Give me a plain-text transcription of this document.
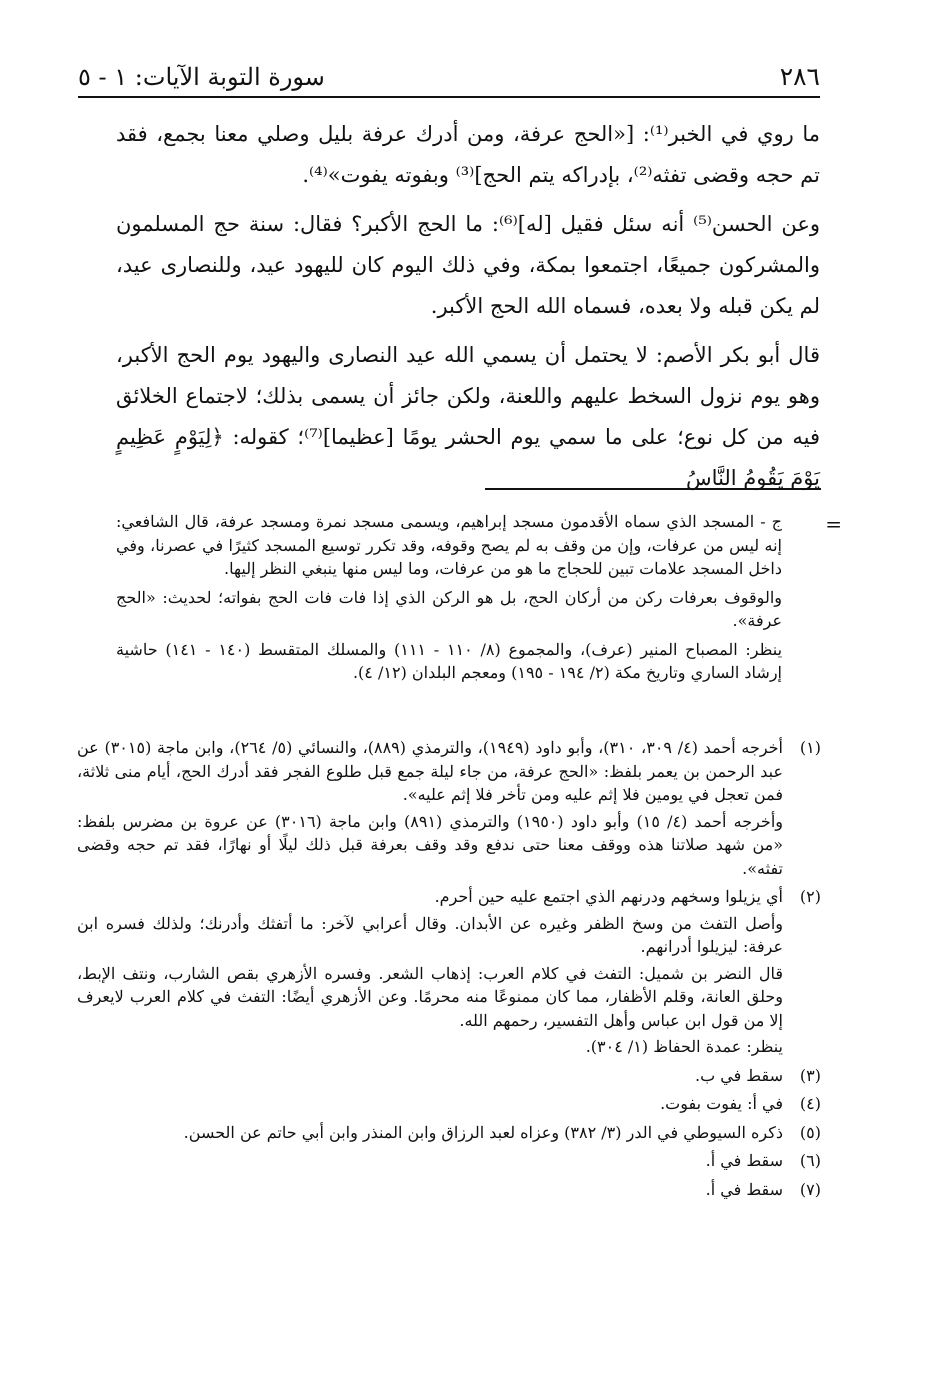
٢٨٦
سورة التوبة الآيات: ١ - ٥

ما روي في الخبر⁽¹⁾: [«الحج عرفة، ومن أدرك عرفة بليل وصلي معنا بجمع، فقد تم حجه وقضى تفثه⁽²⁾، بإدراكه يتم الحج]⁽³⁾ وبفوته يفوت»⁽⁴⁾.

وعن الحسن⁽⁵⁾ أنه سئل فقيل [له]⁽⁶⁾: ما الحج الأكبر؟ فقال: سنة حج المسلمون والمشركون جميعًا، اجتمعوا بمكة، وفي ذلك اليوم كان لليهود عيد، وللنصارى عيد، لم يكن قبله ولا بعده، فسماه الله الحج الأكبر.

قال أبو بكر الأصم: لا يحتمل أن يسمي الله عيد النصارى واليهود يوم الحج الأكبر، وهو يوم نزول السخط عليهم واللعنة، ولكن جائز أن يسمى بذلك؛ لاجتماع الخلائق فيه من كل نوع؛ على ما سمي يوم الحشر يومًا [عظيما]⁽⁷⁾؛ كقوله: ﴿لِيَوْمٍ عَظِيمٍ يَوْمَ يَقُومُ النَّاسُ

=

ج - المسجد الذي سماه الأقدمون مسجد إبراهيم، ويسمى مسجد نمرة ومسجد عرفة، قال الشافعي: إنه ليس من عرفات، وإن من وقف به لم يصح وقوفه، وقد تكرر توسيع المسجد كثيرًا في عصرنا، وفي داخل المسجد علامات تبين للحجاج ما هو من عرفات، وما ليس منها ينبغي النظر إليها.

والوقوف بعرفات ركن من أركان الحج، بل هو الركن الذي إذا فات فات الحج بفواته؛ لحديث: «الحج عرفة».

ينظر: المصباح المنير (عرف)، والمجموع (٨/ ١١٠ - ١١١) والمسلك المتقسط (١٤٠ - ١٤١) حاشية إرشاد الساري وتاريخ مكة (٢/ ١٩٤ - ١٩٥) ومعجم البلدان (١٢/ ٤).

(١)

أخرجه أحمد (٤/ ٣٠٩، ٣١٠)، وأبو داود (١٩٤٩)، والترمذي (٨٨٩)، والنسائي (٥/ ٢٦٤)، وابن ماجة (٣٠١٥) عن عبد الرحمن بن يعمر بلفظ: «الحج عرفة، من جاء ليلة جمع قبل طلوع الفجر فقد أدرك الحج، أيام منى ثلاثة، فمن تعجل في يومين فلا إثم عليه ومن تأخر فلا إثم عليه».

وأخرجه أحمد (٤/ ١٥) وأبو داود (١٩٥٠) والترمذي (٨٩١) وابن ماجة (٣٠١٦) عن عروة بن مضرس بلفظ: «من شهد صلاتنا هذه ووقف معنا حتى ندفع وقد وقف بعرفة قبل ذلك ليلًا أو نهارًا، فقد تم حجه وقضى تفثه».

(٢)

أي يزيلوا وسخهم ودرنهم الذي اجتمع عليه حين أحرم.

وأصل التفث من وسخ الظفر وغيره عن الأبدان. وقال أعرابي لآخر: ما أتفثك وأدرنك؛ ولذلك فسره ابن عرفة: ليزيلوا أدرانهم.

قال النضر بن شميل: التفث في كلام العرب: إذهاب الشعر. وفسره الأزهري بقص الشارب، ونتف الإبط، وحلق العانة، وقلم الأظفار، مما كان ممنوعًا منه محرمًا. وعن الأزهري أيضًا: التفث في كلام العرب لايعرف إلا من قول ابن عباس وأهل التفسير، رحمهم الله.

ينظر: عمدة الحفاظ (١/ ٣٠٤).

(٣)

سقط في ب.

(٤)

في أ: يفوت بفوت.

(٥)

ذكره السيوطي في الدر (٣/ ٣٨٢) وعزاه لعبد الرزاق وابن المنذر وابن أبي حاتم عن الحسن.

(٦)

سقط في أ.

(٧)

سقط في أ.
